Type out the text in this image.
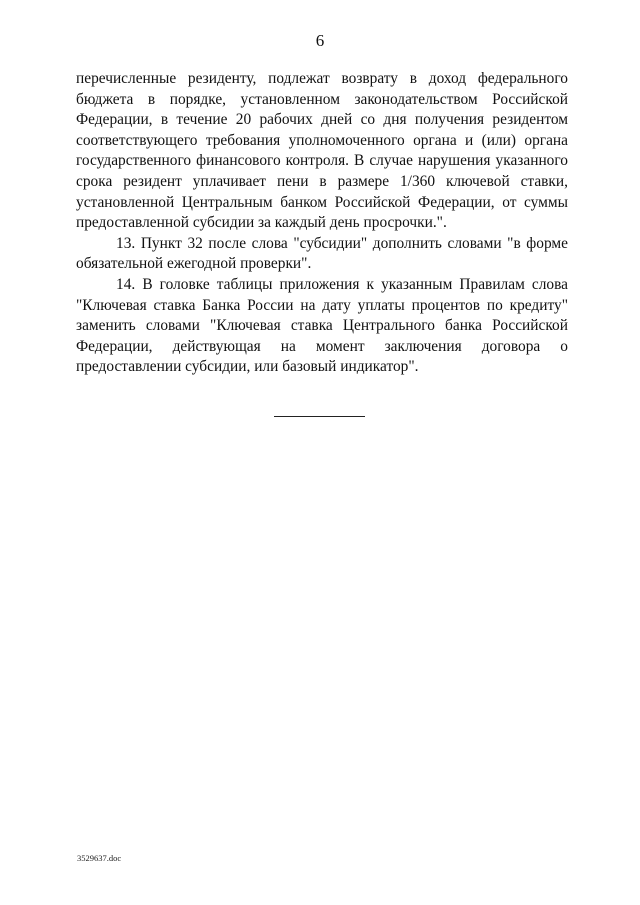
6

перечисленные резиденту, подлежат возврату в доход федерального бюджета в порядке, установленном законодательством Российской Федерации, в течение 20 рабочих дней со дня получения резидентом соответствующего требования уполномоченного органа и (или) органа государственного финансового контроля. В случае нарушения указанного срока резидент уплачивает пени в размере 1/360 ключевой ставки, установленной Центральным банком Российской Федерации, от суммы предоставленной субсидии за каждый день просрочки.".

13. Пункт 32 после слова "субсидии" дополнить словами "в форме обязательной ежегодной проверки".

14. В головке таблицы приложения к указанным Правилам слова "Ключевая ставка Банка России на дату уплаты процентов по кредиту" заменить словами "Ключевая ставка Центрального банка Российской Федерации, действующая на момент заключения договора о предоставлении субсидии, или базовый индикатор".

3529637.doc
